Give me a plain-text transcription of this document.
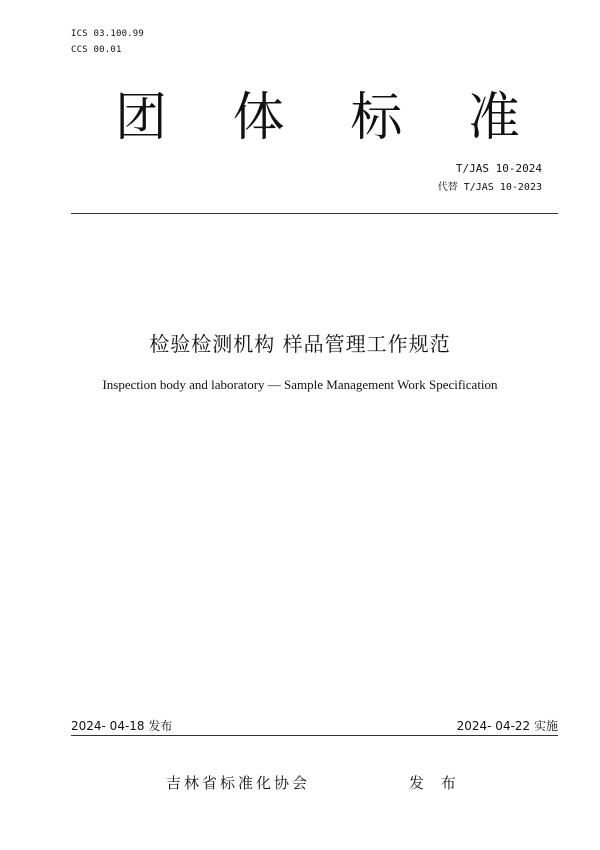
ICS 03.100.99
CCS 00.01
团 体 标 准
T/JAS 10-2024
代替 T/JAS 10-2023
检验检测机构 样品管理工作规范
Inspection body and laboratory — Sample Management Work Specification
2024- 04-18 发布	2024- 04-22 实施
吉林省标准化协会	发 布
